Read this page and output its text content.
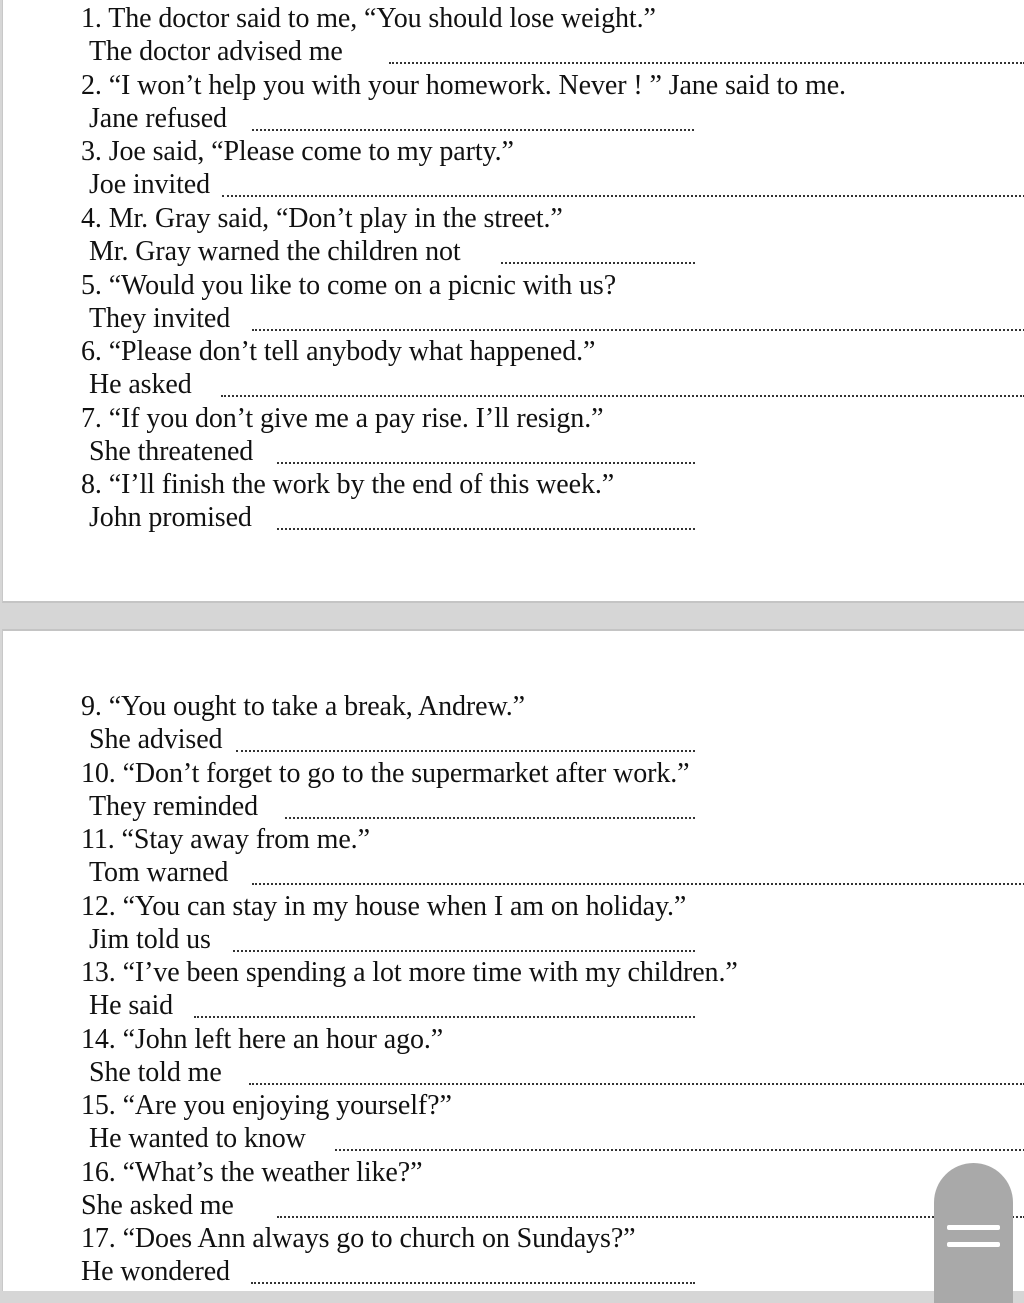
1. The doctor said to me, “You should lose weight.”
The doctor advised me
2. “I won’t help you with your homework. Never ! ” Jane said to me.
Jane refused
3. Joe said, “Please come to my party.”
Joe invited
4. Mr. Gray said, “Don’t play in the street.”
Mr. Gray warned the children not
5. “Would you like to come on a picnic with us?
They invited
6. “Please don’t tell anybody what happened.”
He asked
7. “If you don’t give me a pay rise. I’ll resign.”
She threatened
8. “I’ll finish the work by the end of this week.”
John promised
9. “You ought to take a break, Andrew.”
She advised
10. “Don’t forget to go to the supermarket after work.”
They reminded
11. “Stay away from me.”
Tom warned
12. “You can stay in my house when I am on holiday.”
Jim told us
13. “I’ve been spending a lot more time with my children.”
He said
14. “John left here an hour ago.”
She told me
15. “Are you enjoying yourself?”
He wanted to know
16. “What’s the weather like?”
She asked me
17. “Does Ann always go to church on Sundays?”
He wondered
